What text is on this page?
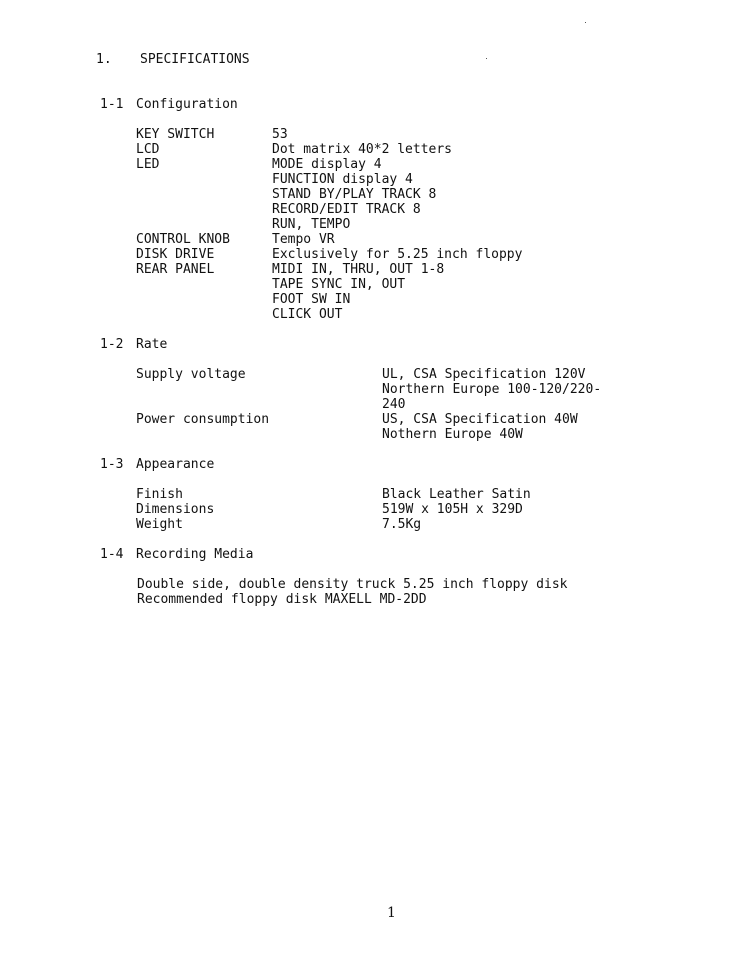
1. SPECIFICATIONS
1-1 Configuration
KEY SWITCH	53
LCD	Dot matrix 40*2 letters
LED	MODE display 4
FUNCTION display 4
STAND BY/PLAY TRACK 8
RECORD/EDIT TRACK 8
RUN, TEMPO
CONTROL KNOB	Tempo VR
DISK DRIVE	Exclusively for 5.25 inch floppy
REAR PANEL	MIDI IN, THRU, OUT 1-8
TAPE SYNC IN, OUT
FOOT SW IN
CLICK OUT
1-2 Rate
Supply voltage	UL, CSA Specification 120V
Northern Europe 100-120/220-
240
Power consumption	US, CSA Specification 40W
Nothern Europe 40W
1-3 Appearance
Finish	Black Leather Satin
Dimensions	519W x 105H x 329D
Weight	7.5Kg
1-4 Recording Media
Double side, double density truck 5.25 inch floppy disk
Recommended floppy disk MAXELL MD-2DD
1
